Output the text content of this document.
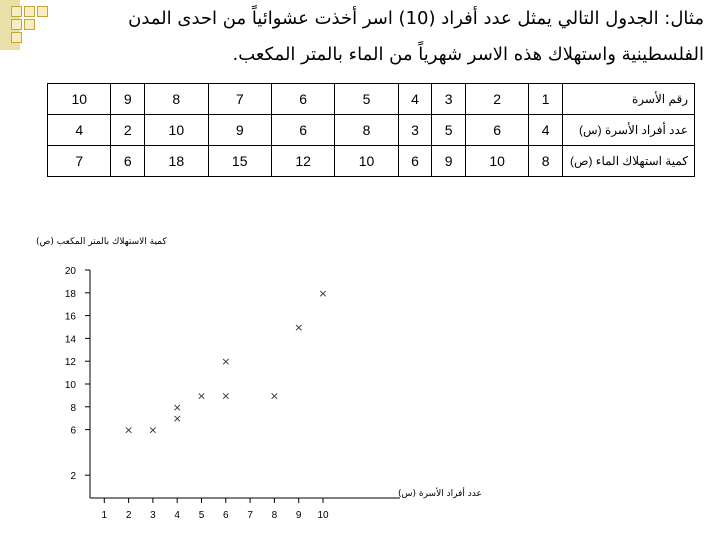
مثال: الجدول التالي يمثل عدد أفراد (10) اسر أخذت عشوائياً من احدى المدن
الفلسطينية واستهلاك هذه الاسر شهرياً من الماء بالمتر المكعب.
رقم الأسرة	1	2	3	4	5	6	7	8	9	10
عدد أفراد الأسرة (س)	4	6	5	3	8	6	9	10	2	4
كمية استهلاك الماء (ص)	8	10	9	6	10	12	15	18	6	7
كمية الاستهلاك بالمتر المكعب (ص)
عدد أفراد الأسرة (س)
1 2 3 4 5 6 7 8 9 10
2
6
8
10
12
14
16
18
20
× ×
×
×
× ×
×
×
×
×
